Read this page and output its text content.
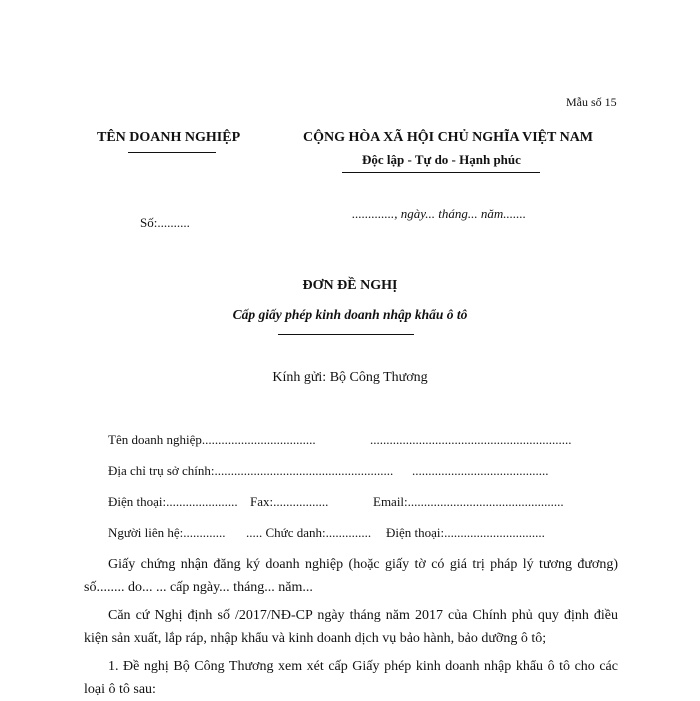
Mẫu số 15
TÊN DOANH NGHIỆP
Số:..........
CỘNG HÒA XÃ HỘI CHỦ NGHĨA VIỆT NAM
Độc lập - Tự do - Hạnh phúc
............., ngày... tháng... năm.......
ĐƠN ĐỀ NGHỊ
Cấp giấy phép kinh doanh nhập khẩu ô tô
Kính gửi: Bộ Công Thương
Tên doanh nghiệp...................................	..............................................................
Địa chỉ trụ sở chính:....................................................... ..........................................
Điện thoại:...................... Fax:.................	Email:................................................
Người liên hệ:............. ..... Chức danh:.............. Điện thoại:...............................
Giấy chứng nhận đăng ký doanh nghiệp (hoặc giấy tờ có giá trị pháp lý tương đương) số........ do... ... cấp ngày... tháng... năm...
Căn cứ Nghị định số /2017/NĐ-CP ngày tháng năm 2017 của Chính phủ quy định điều kiện sản xuất, lắp ráp, nhập khẩu và kinh doanh dịch vụ bảo hành, bảo dưỡng ô tô;
1. Đề nghị Bộ Công Thương xem xét cấp Giấy phép kinh doanh nhập khẩu ô tô cho các loại ô tô sau:
